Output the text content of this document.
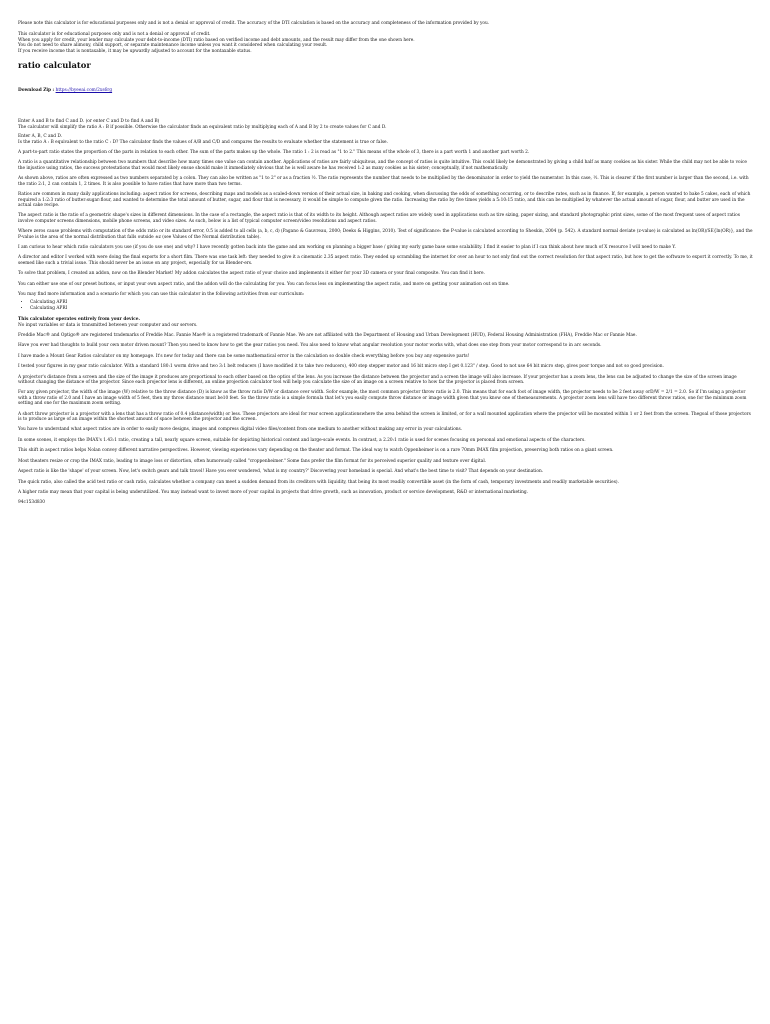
Please note this calculator is for educational purposes only and is not a denial or approval of credit. The accuracy of the DTI calculation is based on the accuracy and completeness of the information provided by you.

This calculator is for educational purposes only and is not a denial or approval of credit.

When you apply for credit, your lender may calculate your debt-to-income (DTI) ratio based on verified income and debt amounts, and the result may differ from the one shown here.

You do not need to share alimony, child support, or separate maintenance income unless you want it considered when calculating your result.

If you receive income that is nontaxable, it may be upwardly adjusted to account for the nontaxable status.

ratio calculator
Download Zip : https://byeeai.com/2xs6rg

Enter A and B to find C and D. (or enter C and D to find A and B)

The calculator will simplify the ratio A : B if possible. Otherwise the calculator finds an equivalent ratio by multiplying each of A and B by 2 to create values for C and D.

Enter A, B, C and D.

Is the ratio A : B equivalent to the ratio C : D? The calculator finds the values of A/B and C/D and compares the results to evaluate whether the statement is true or false.

A part-to-part ratio states the proportion of the parts in relation to each other. The sum of the parts makes up the whole. The ratio 1 : 2 is read as "1 to 2." This means of the whole of 3, there is a part worth 1 and another part worth 2.

A ratio is a quantitative relationship between two numbers that describe how many times one value can contain another. Applications of ratios are fairly ubiquitous, and the concept of ratios is quite intuitive. This could likely be demonstrated by giving a child half as many cookies as his sister. While the child may not be able to voice the injustice using ratios, the success protestations that would most likely ensue should make it immediately obvious that he is well aware he has received 1:2 as many cookies as his sister; conceptually, if not mathematically.

As shown above, ratios are often expressed as two numbers separated by a colon. They can also be written as "1 to 2" or as a fraction ½. The ratio represents the number that needs to be multiplied by the denominator in order to yield the numerator. In this case, ½. This is clearer if the first number is larger than the second, i.e. with the ratio 2:1, 2 can contain 1, 2 times. It is also possible to have ratios that have more than two terms.

Ratios are common in many daily applications including: aspect ratios for screens, describing maps and models as a scaled-down version of their actual size, in baking and cooking, when discussing the odds of something occurring, or to describe rates, such as in finance. If, for example, a person wanted to bake 5 cakes, each of which required a 1:2:3 ratio of butter:sugar:flour, and wanted to determine the total amount of butter, sugar, and flour that is necessary, it would be simple to compute given the ratio. Increasing the ratio by five times yields a 5:10:15 ratio, and this can be multiplied by whatever the actual amount of sugar, flour, and butter are used in the actual cake recipe.

The aspect ratio is the ratio of a geometric shape's sizes in different dimensions. In the case of a rectangle, the aspect ratio is that of its width to its height. Although aspect ratios are widely used in applications such as tire sizing, paper sizing, and standard photographic print sizes, some of the most frequent uses of aspect ratios involve computer screens dimensions, mobile phone screens, and video sizes. As such, below is a list of typical computer screen/video resolutions and aspect ratios.

Where zeros cause problems with computation of the odds ratio or its standard error, 0.5 is added to all cells (a, b, c, d) (Pagano & Gauvreau, 2000; Deeks & Higgins, 2010). Test of significance: the P-value is calculated according to Sheskin, 2004 (p. 542). A standard normal deviate (z-value) is calculated as ln(OR)/SE{ln(OR)}, and the P-value is the area of the normal distribution that falls outside ±z (see Values of the Normal distribution table).

I am curious to hear which ratio calculators you use (if you do use one) and why? I have recently gotten back into the game and am working on planning a bigger base / giving my early game base some scalability. I find it easier to plan if I can think about how much of X resource I will need to make Y.

A director and editor I worked with were doing the final exports for a short film. There was one task left: they needed to give it a cinematic 2.35 aspect ratio. They ended up scrambling the internet for over an hour to not only find out the correct resolution for that aspect ratio, but how to get the software to export it correctly. To me, it seemed like such a trivial issue. This should never be an issue on any project, especially for us Blender-ers.

To solve that problem, I created an addon, now on the Blender Market! My addon calculates the aspect ratio of your choice and implements it either for your 3D camera or your final composite. You can find it here.

You can either use one of our preset buttons, or input your own aspect ratio, and the addon will do the calculating for you. You can focus less on implementing the aspect ratio, and more on getting your animation out on time.

You may find more information and a scenario for which you can use this calculator in the following activities from our curriculum:

• Calculating APRI
• Calculating APRI

This calculator operates entirely from your device.

No input variables or data is transmitted between your computer and our servers.

Freddie Mac® and Optigo® are registered trademarks of Freddie Mac. Fannie Mae® is a registered trademark of Fannie Mae. We are not affiliated with the Department of Housing and Urban Development (HUD), Federal Housing Administration (FHA), Freddie Mac or Fannie Mae.

Have you ever had thoughts to build your own motor driven mount? Then you need to know how to get the gear ratios you need. You also need to know what angular resolution your motor works with, what does one step from your motor correspond to in arc seconds.

I have made a Mount Gear Ratios calculator on my homepage. It's new for today and there can be some mathematical error in the calculation so double check everything before you buy any expensive parts!

I tested your figures in my gear ratio calculator. With a standard 180:1 worm drive and two 3:1 belt reducers (I have modified it to take two reducers), 400 step stepper motor and 16 bit micro step I get 0.123" / step. Good to not use 64 bit micro step, gives poor torque and not so good precision.

A projector's distance from a screen and the size of the image it produces are proportional to each other based on the optics of the lens. As you increase the distance between the projector and a screen the image will also increase. If your projector has a zoom lens, the lens can be adjusted to change the size of the screen image without changing the distance of the projector. Since each projector lens is different, an online projection calculator tool will help you calculate the size of an image on a screen relative to how far the projector is placed from screen.

For any given projector, the width of the image (W) relative to the throw distance (D) is know as the throw ratio D/W or distance over width. Sofor example, the most common projector throw ratio is 2.0. This means that for each foot of image width, the projector needs to be 2 feet away orD/W = 2/1 = 2.0. So if I'm using a projector with a throw ratio of 2.0 and I have an image width of 5 feet, then my throw distance must be10 feet. So the throw ratio is a simple formula that let's you easily compute throw distance or image width given that you know one of themeasurements. A projector zoom lens will have two different throw ratios, one for the minimum zoom setting and one for the maximum zoom setting.

A short throw projector is a projector with a lens that has a throw ratio of 0.4 (distance/width) or less. These projectors are ideal for rear screen applicationswhere the area behind the screen is limited, or for a wall mounted application where the projector will be mounted within 1 or 2 feet from the screen. Thegoal of those projectors is to produce as large of an image within the shortest amount of space between the projector and the screen.

You have to understand what aspect ratios are in order to easily move designs, images and compress digital video files/content from one medium to another without making any error in your calculations.

In some scenes, it employs the IMAX's 1.43:1 ratio, creating a tall, nearly square screen, suitable for depicting historical content and large-scale events. In contrast, a 2.20:1 ratio is used for scenes focusing on personal and emotional aspects of the characters.

This shift in aspect ratios helps Nolan convey different narrative perspectives. However, viewing experiences vary depending on the theater and format. The ideal way to watch Oppenheimer is on a rare 70mm IMAX film projection, preserving both ratios on a giant screen.

Most theaters resize or crop the IMAX ratio, leading to image loss or distortion, often humorously called "croppenheimer." Some fans prefer the film format for its perceived superior quality and texture over digital.

Aspect ratio is like the 'shape' of your screen. Now, let's switch gears and talk travel! Have you ever wondered, 'what is my country?' Discovering your homeland is special. And what's the best time to visit? That depends on your destination.

The quick ratio, also called the acid test ratio or cash ratio, calculates whether a company can meet a sudden demand from its creditors with liquidity, that being its most readily convertible asset (in the form of cash, temporary investments and readily marketable securities).

A higher ratio may mean that your capital is being underutilized. You may instead want to invest more of your capital in projects that drive growth, such as innovation, product or service development, R&D or international marketing.

94c153d830
